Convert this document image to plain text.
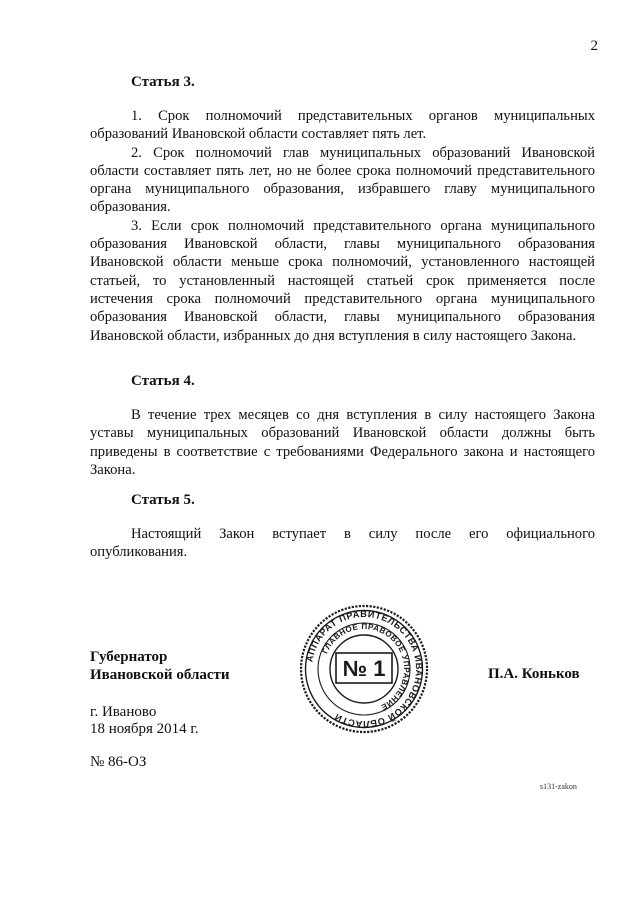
2
Статья 3.

1. Срок полномочий представительных органов муниципальных образований Ивановской области составляет пять лет.

2. Срок полномочий глав муниципальных образований Ивановской области составляет пять лет, но не более срока полномочий представительного органа муниципального образования, избравшего главу муниципального образования.

3. Если срок полномочий представительного органа муниципального образования Ивановской области, главы муниципального образования Ивановской области меньше срока полномочий, установленного настоящей статьей, то установленный настоящей статьей срок применяется после истечения срока полномочий представительного органа муниципального образования Ивановской области, главы муниципального образования Ивановской области, избранных до дня вступления в силу настоящего Закона.

Статья 4.

В течение трех месяцев со дня вступления в силу настоящего Закона уставы муниципальных образований Ивановской области должны быть приведены в соответствие с требованиями Федерального закона и настоящего Закона.

Статья 5.

Настоящий Закон вступает в силу после его официального опубликования.

Губернатор
Ивановской области	П.А. Коньков
АППАРАТ ПРАВИТЕЛЬСТВА ИВАНОВСКОЙ ОБЛАСТИ
ГЛАВНОЕ ПРАВОВОЕ УПРАВЛЕНИЕ
№ 1
г. Иваново
18 ноября 2014 г.
№ 86-ОЗ
s131-zakon
